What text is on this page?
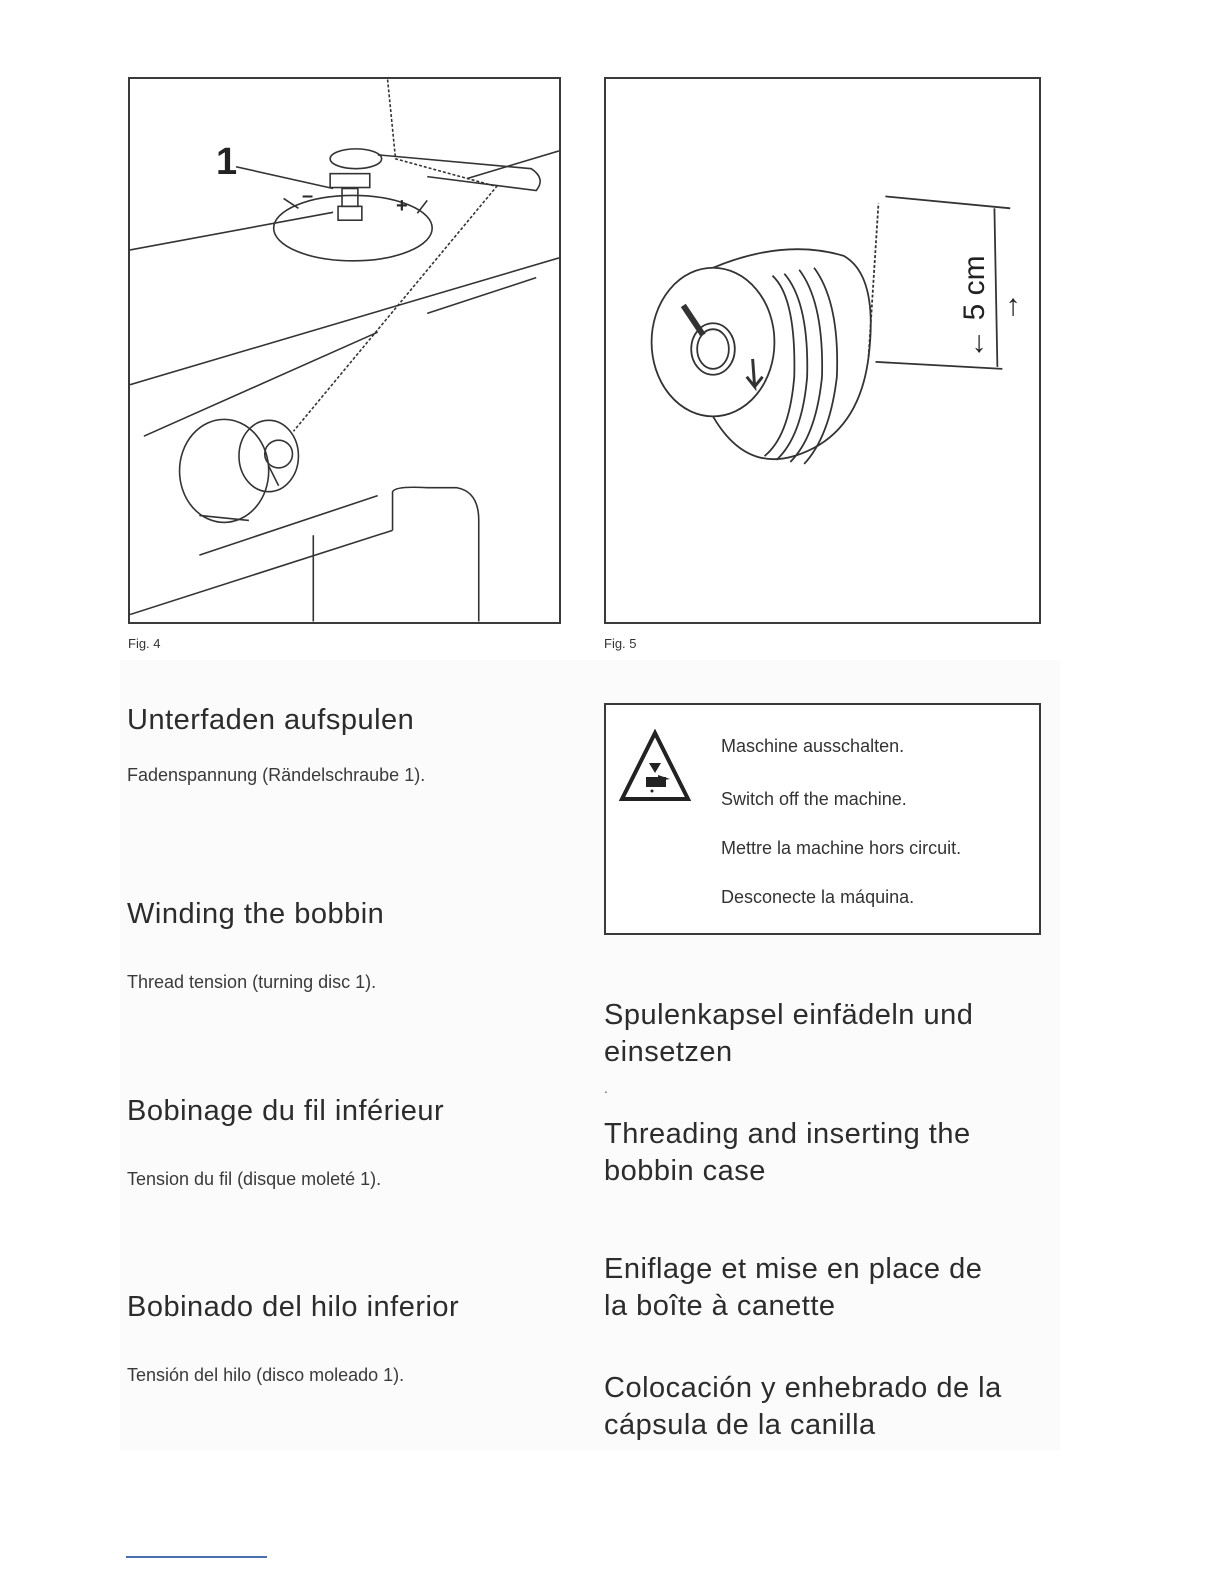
1
–	+
Fig. 4
← 5 cm →
Fig. 5
Unterfaden aufspulen
Fadenspannung (Rändelschraube 1).
Winding the bobbin
Thread tension (turning disc 1).
Bobinage du fil inférieur
Tension du fil (disque moleté 1).
Bobinado del hilo inferior
Tensión del hilo (disco moleado 1).
Maschine ausschalten.
Switch off the machine.
Mettre la machine hors circuit.
Desconecte la máquina.
Spulenkapsel einfädeln und
einsetzen
.
Threading and inserting the
bobbin case
Eniflage et mise en place de
la boîte à canette
Colocación y enhebrado de la
cápsula de la canilla
